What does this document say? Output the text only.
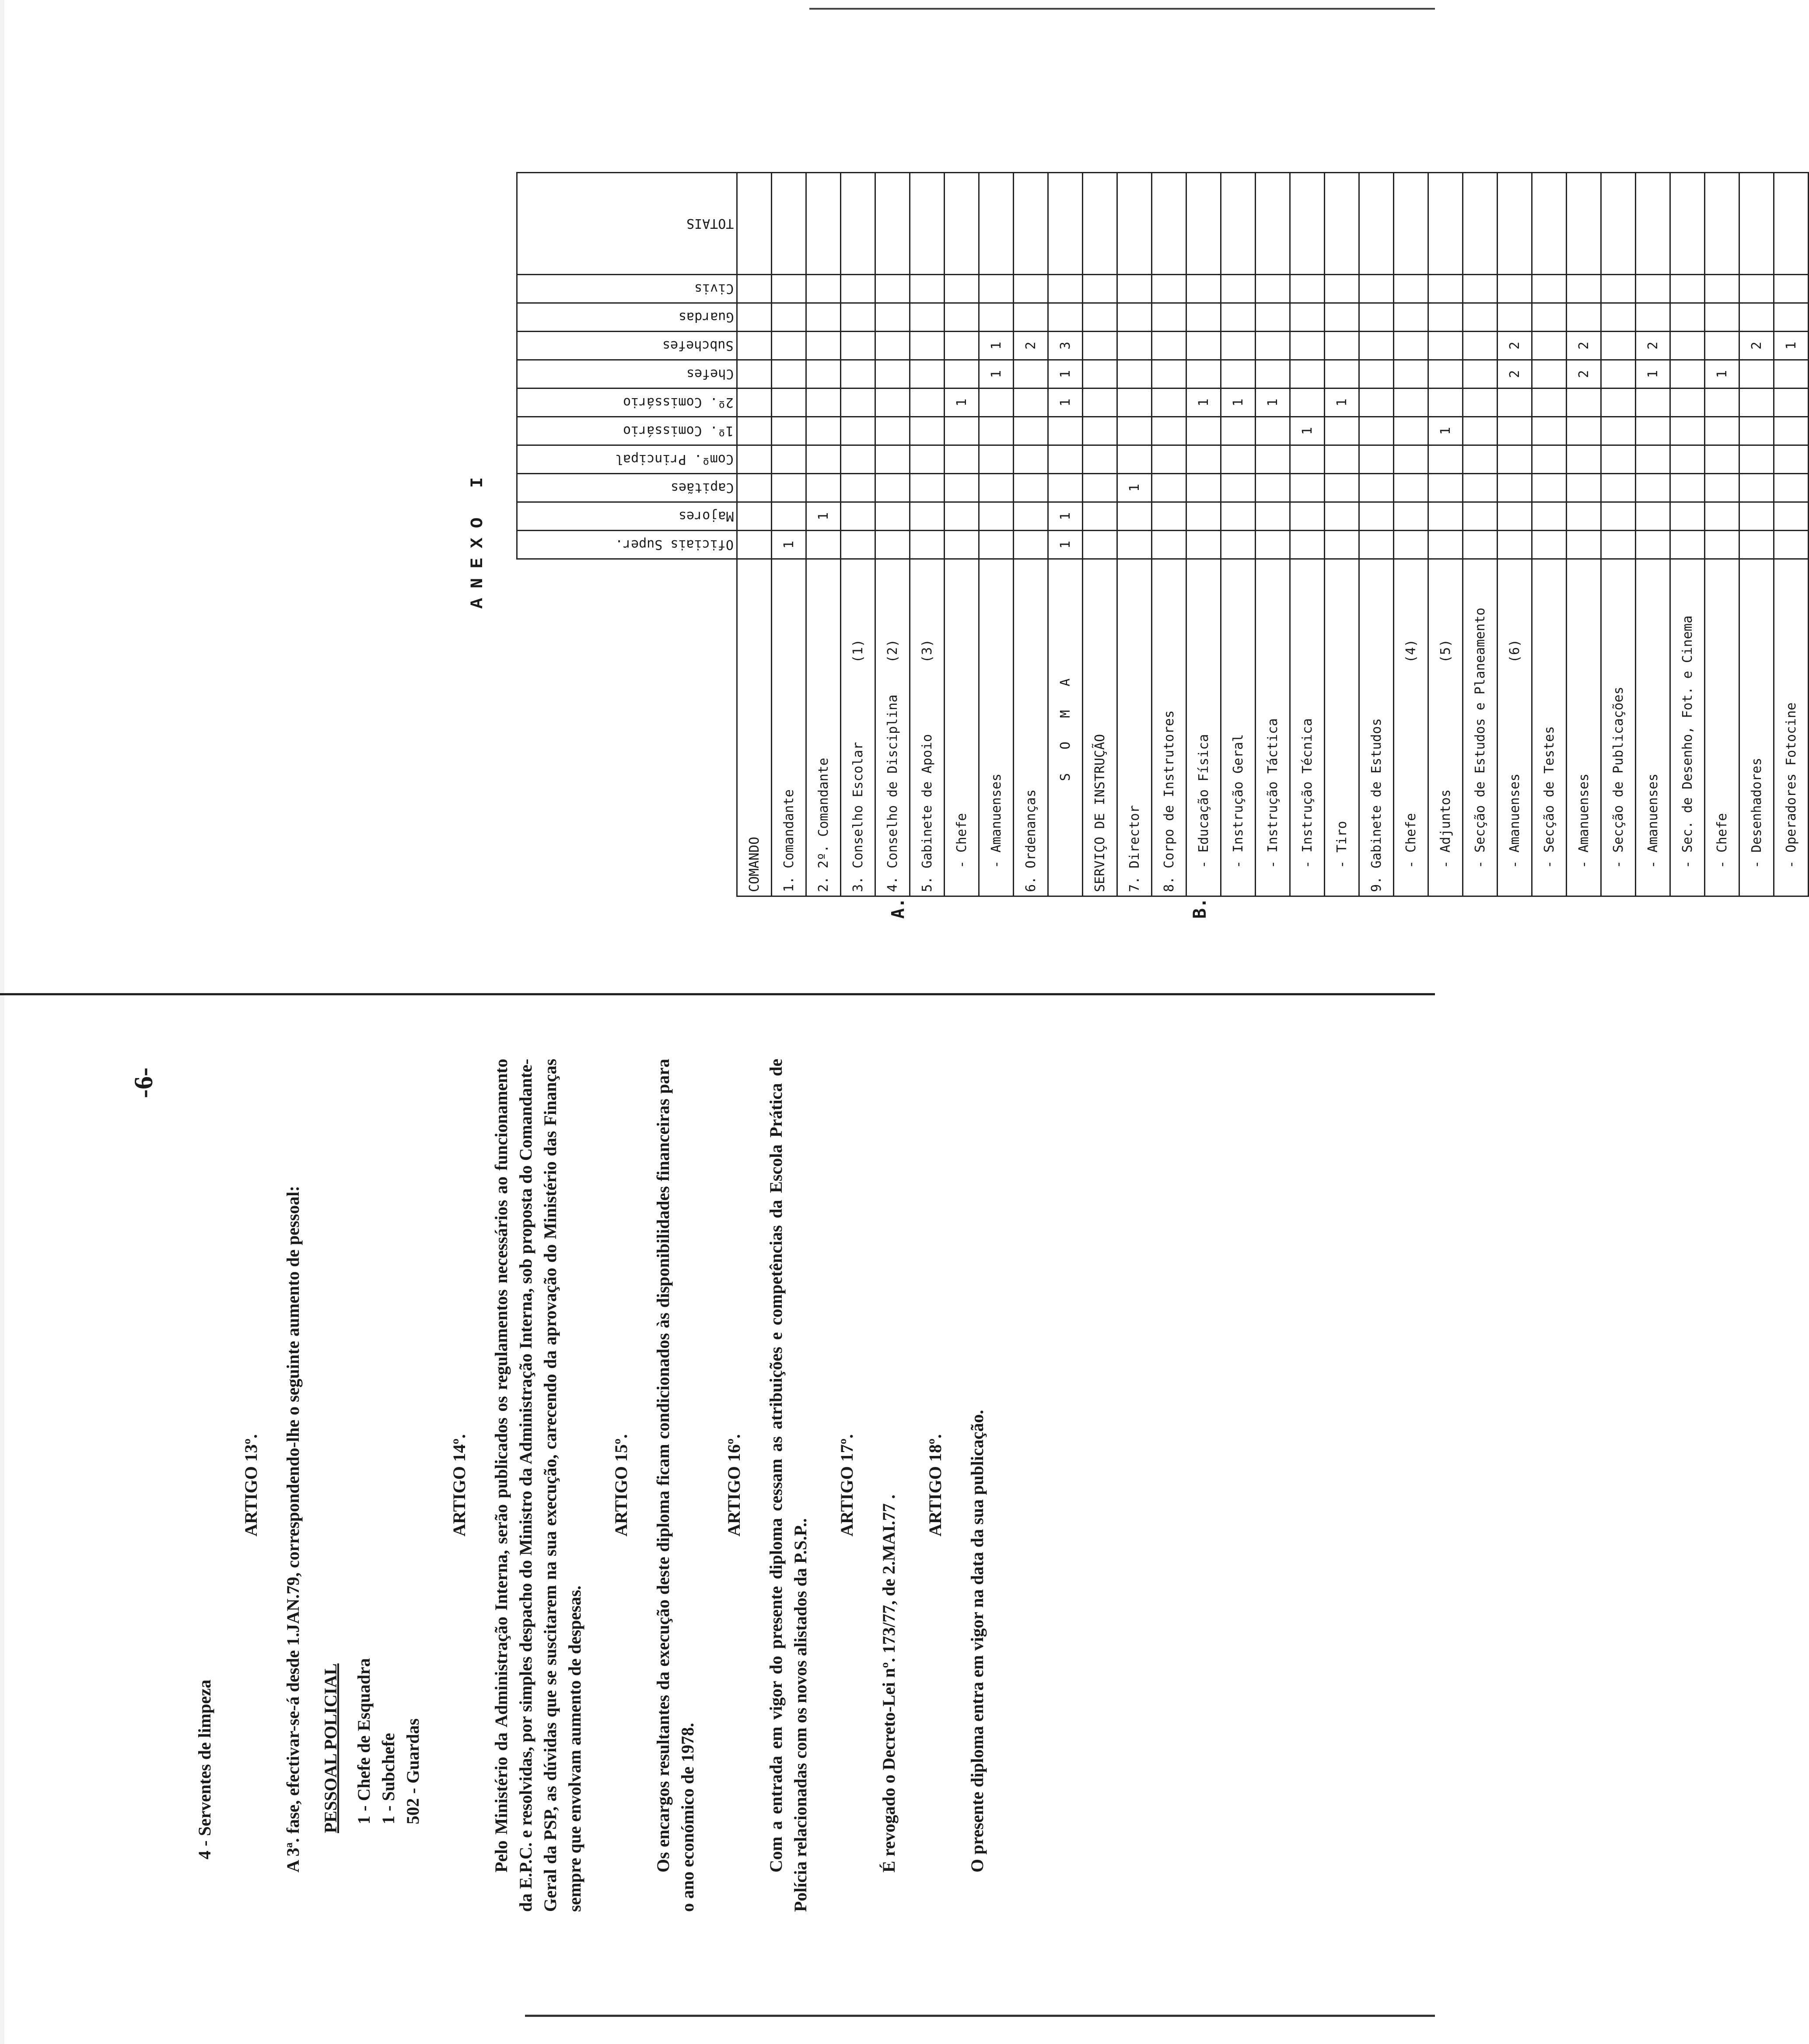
ANEXO I
A.	B.

	Oficiais Super.	Majores	Capitães	Comº. Principal	1º. Comissário	2º. Comissário	Chefes	Subchefes	Guardas	Civis	TOTAIS

COMANDO											
1. Comandante	1										
2. 2º. Comandante		1									
3. Conselho Escolar          (1)											
4. Conselho de Disciplina    (2)											
5. Gabinete de Apoio         (3)											
- Chefe						1					
- Amanuenses							1	1			
6. Ordenanças								2			
S O M A	1	1				1	1	3			
SERVIÇO DE INSTRUÇÃO											
7. Director			1								
8. Corpo de Instrutores											
- Educação Física						1					
- Instrução Geral						1					
- Instrução Táctica						1					
- Instrução Técnica					1						
- Tiro						1					
9. Gabinete de Estudos											
- Chefe                   (4)											
- Adjuntos                (5)					1						
- Secção de Estudos e Planeamento											
- Amanuenses              (6)							2	2			
- Secção de Testes											
- Amanuenses							2	2			
- Secção de Publicações											
- Amanuenses							1	2			
- Sec. de Desenho, Fot. e Cinema											
- Chefe							1				
- Desenhadores								2			
- Operadores Fotocine								1			
-6-

4 - Serventes de limpeza

ARTIGO 13º. A 3ª. fase, efectivar-se-á desde 1.JAN.79, correspondendo-lhe o seguinte aumento de pessoal: PESSOAL POLICIAL 1 - Chefe de Esquadra 1 - Subchefe 502 - Guardas

ARTIGO 14º. Pelo Ministério da Administração Interna, serão publicados os regulamentos necessários ao funcionamento da E.P.C. e resolvidas, por simples despacho do Ministro da Administração Interna, sob proposta do Comandante-Geral da PSP, as dúvidas que se suscitarem na sua execução, carecendo da aprovação do Ministério das Finanças sempre que envolvam aumento de despesas.

ARTIGO 15º. Os encargos resultantes da execução deste diploma ficam condicionados às disponibilidades financeiras para o ano económico de 1978.

ARTIGO 16º. Com a entrada em vigor do presente diploma cessam as atribuições e competências da Escola Prática de Polícia relacionadas com os novos alistados da P.S.P..

ARTIGO 17º.

É revogado o Decreto-Lei nº. 173/77, de 2.MAI.77 .

ARTIGO 18º. O presente diploma entra em vigor na data da sua publicação.
